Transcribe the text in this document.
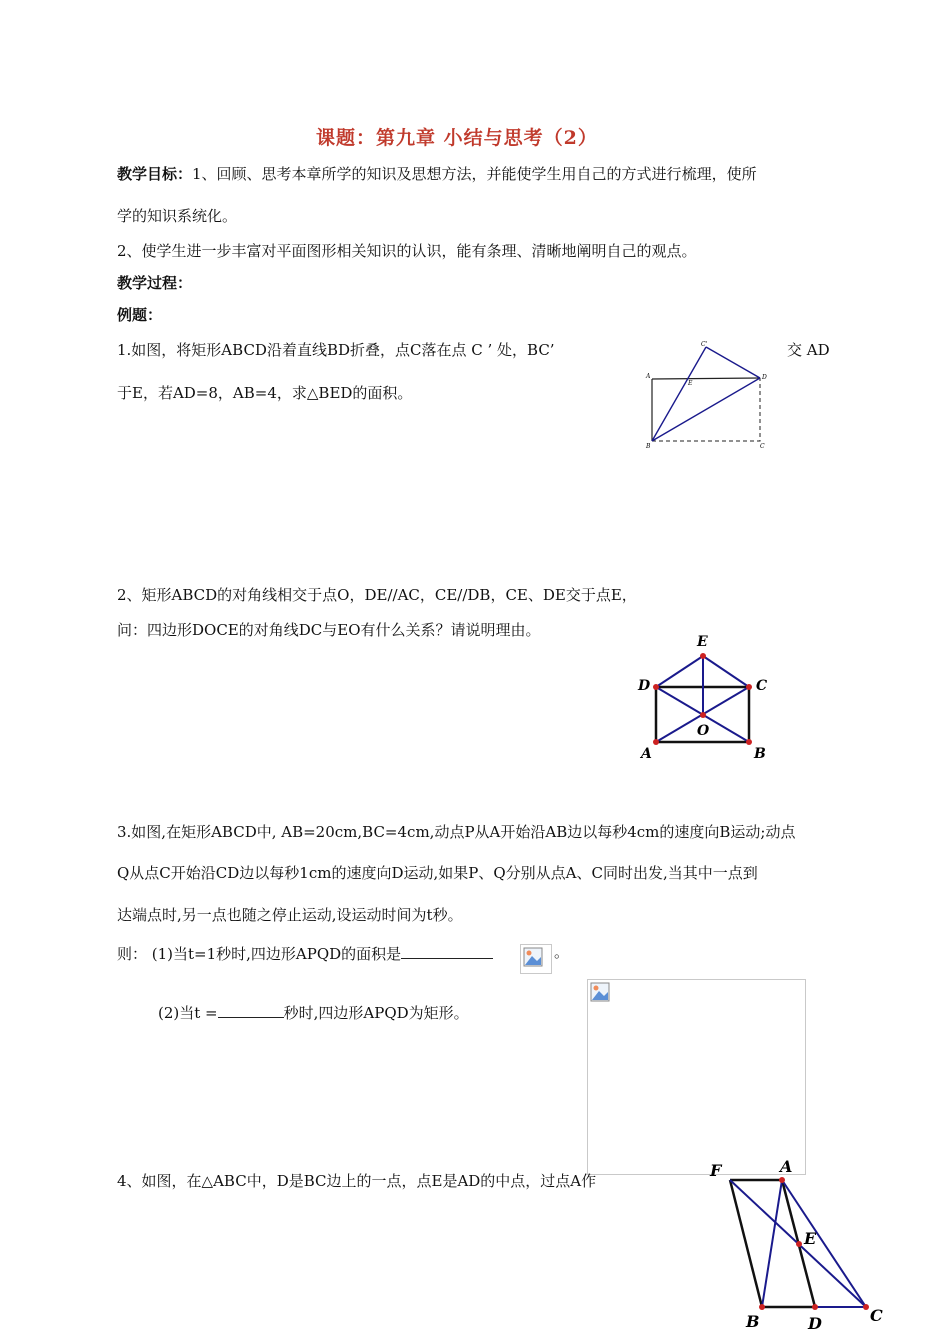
课题：第九章 小结与思考（2）
教学目标：1、回顾、思考本章所学的知识及思想方法，并能使学生用自己的方式进行梳理，使所
学的知识系统化。
2、使学生进一步丰富对平面图形相关知识的认识，能有条理、清晰地阐明自己的观点。
教学过程：
例题：
1.如图，将矩形ABCD沿着直线BD折叠，点C落在点 C ’ 处，BC’	交 AD
于E，若AD=8，AB=4，求△BED的面积。
C'
A
E
D
B	C
2、矩形ABCD的对角线相交于点O，DE//AC，CE//DB，CE、DE交于点E，
问：四边形DOCE的对角线DC与EO有什么关系？请说明理由。
E
D	C
O
A	B
3.如图,在矩形ABCD中, AB=20cm,BC=4cm,动点P从A开始沿AB边以每秒4cm的速度向B运动;动点
Q从点C开始沿CD边以每秒1cm的速度向D运动,如果P、Q分别从点A、C同时出发,当其中一点到
达端点时,另一点也随之停止运动,设运动时间为t秒。
则： (1)当t=1秒时,四边形APQD的面积是	。
(2)当t =	秒时,四边形APQD为矩形。
4、如图，在△ABC中，D是BC边上的一点，点E是AD的中点，过点A作
F	A
E
B	D	C
